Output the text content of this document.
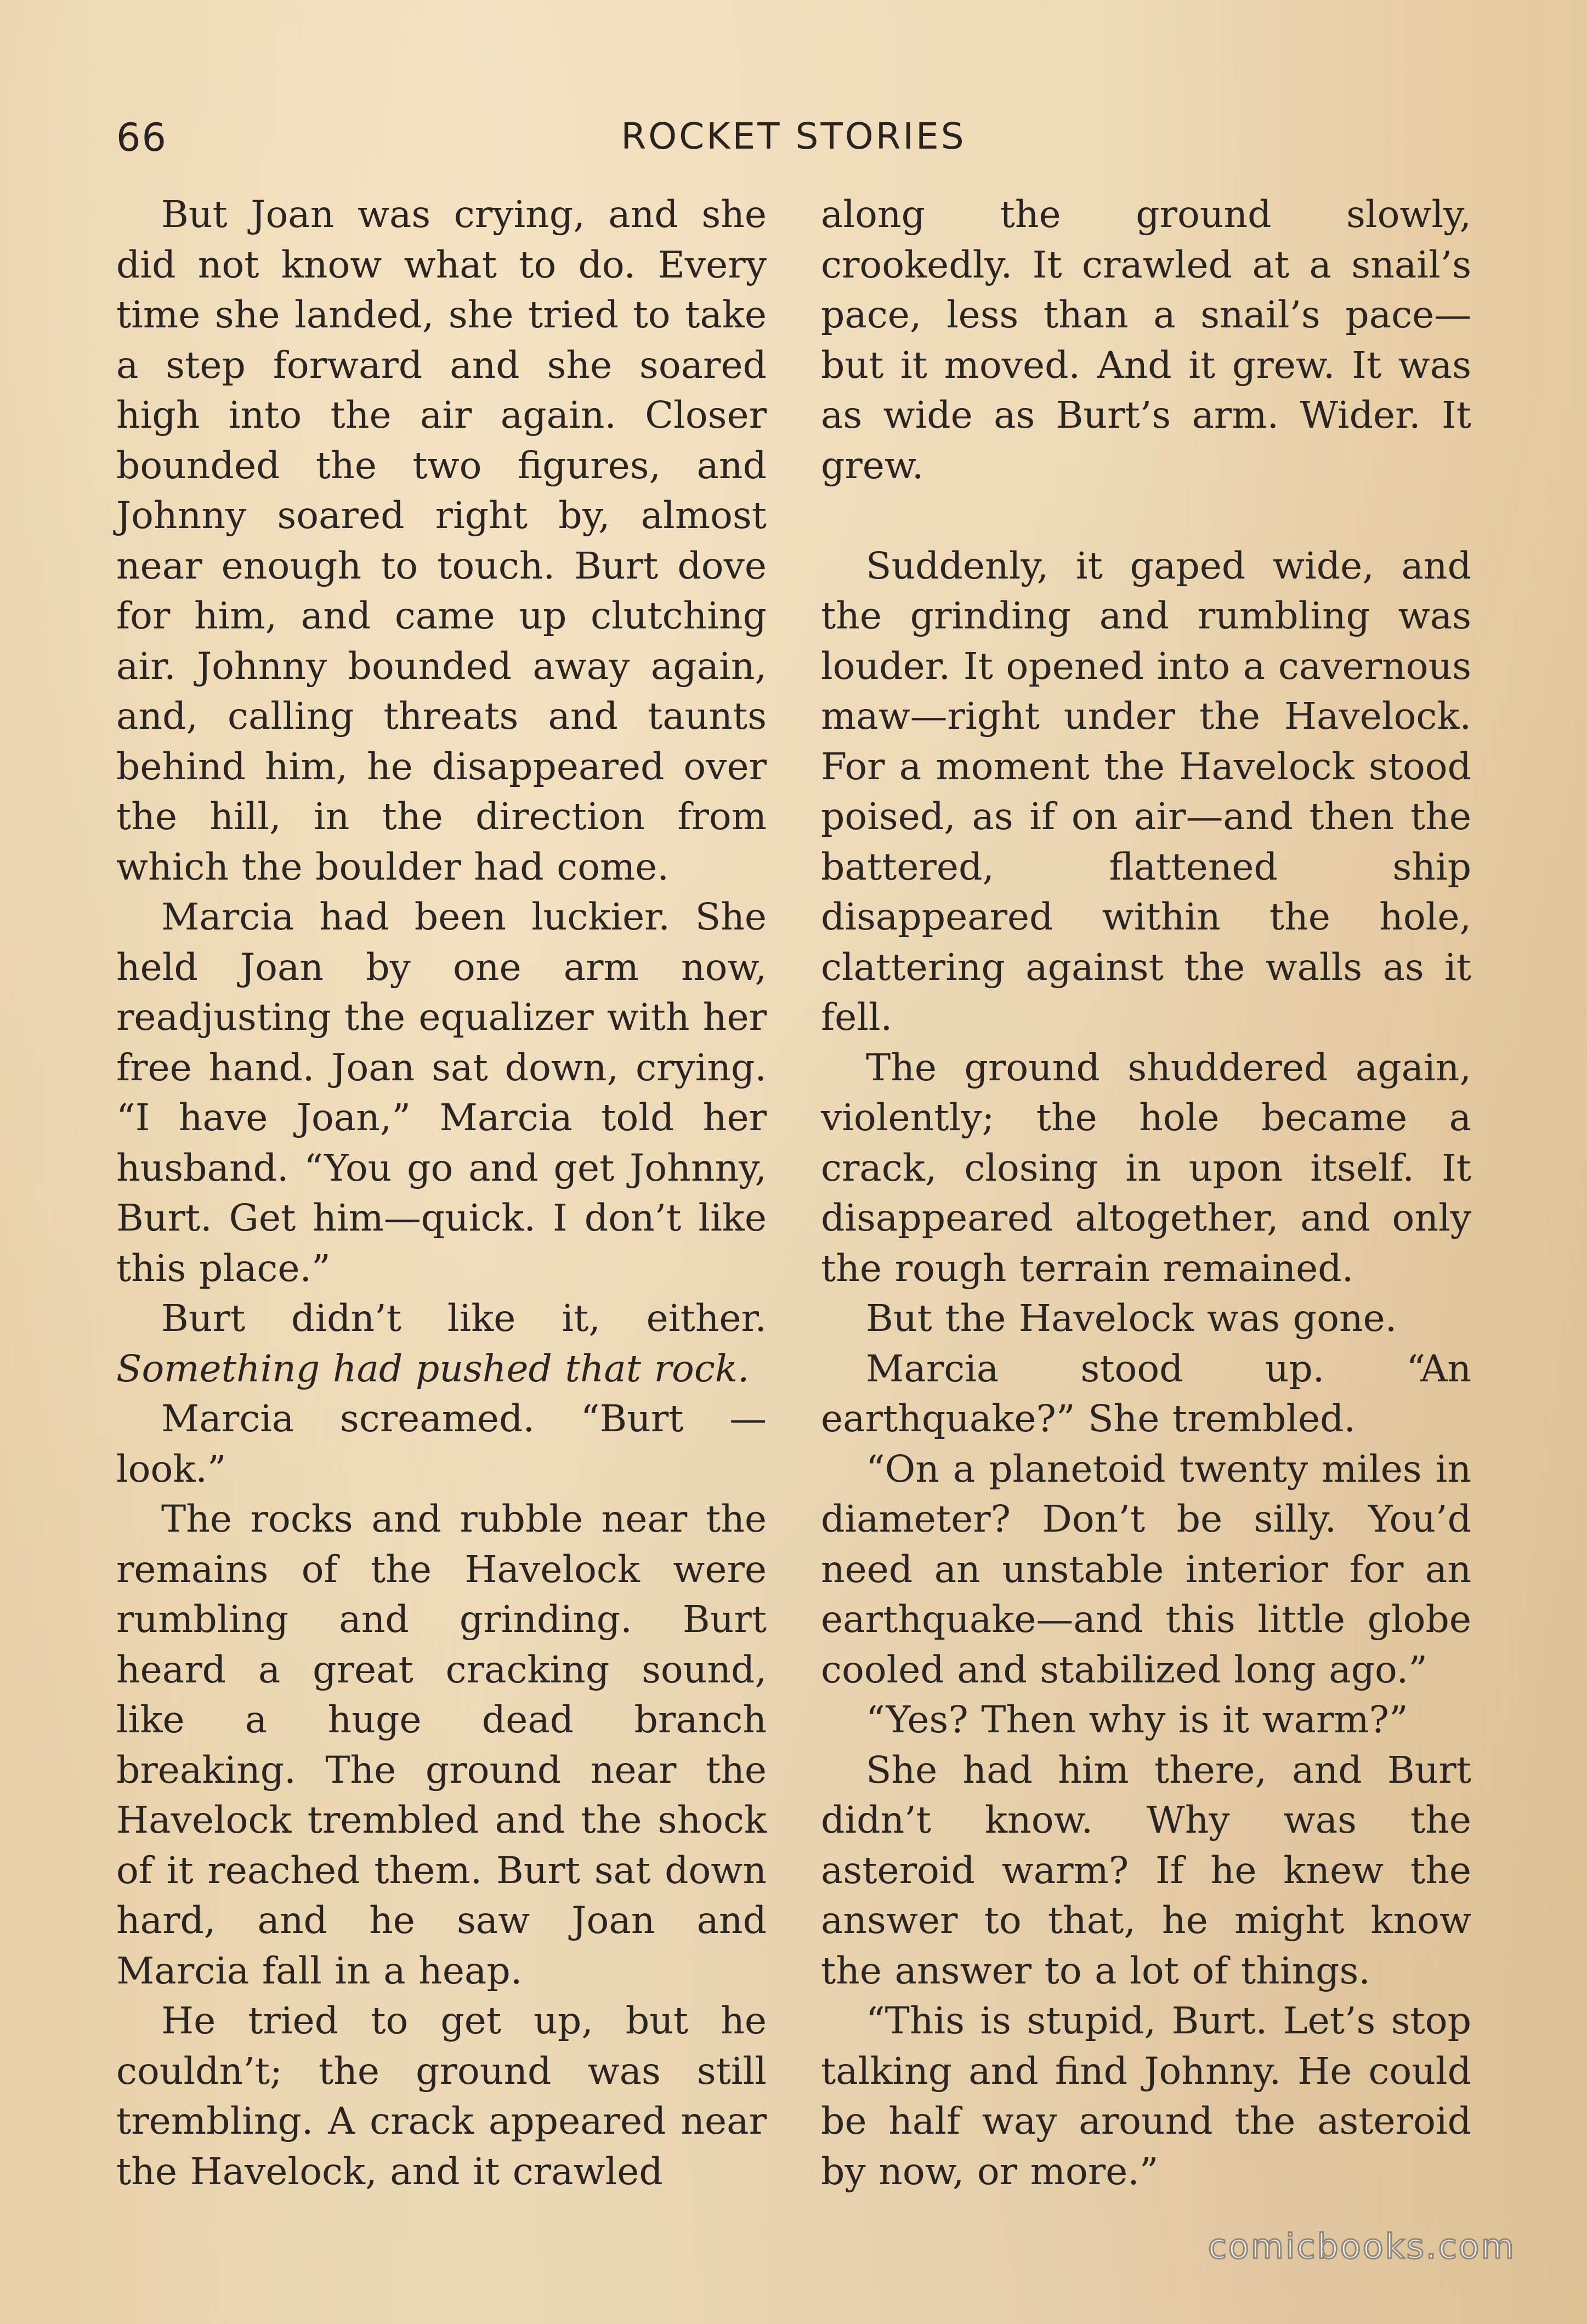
66	ROCKET STORIES

But Joan was crying, and she did not know what to do. Every time she landed, she tried to take a step forward and she soared high into the air again. Closer bounded the two figures, and Johnny soared right by, almost near enough to touch. Burt dove for him, and came up clutching air. Johnny bounded away again, and, calling threats and taunts behind him, he disappeared over the hill, in the direction from which the boulder had come.

Marcia had been luckier. She held Joan by one arm now, readjusting the equalizer with her free hand. Joan sat down, crying. “I have Joan,” Marcia told her husband. “You go and get Johnny, Burt. Get him—quick. I don’t like this place.”

Burt didn’t like it, either. Something had pushed that rock.

Marcia screamed. “Burt — look.”

The rocks and rubble near the remains of the Havelock were rumbling and grinding. Burt heard a great cracking sound, like a huge dead branch breaking. The ground near the Havelock trembled and the shock of it reached them. Burt sat down hard, and he saw Joan and Marcia fall in a heap.

He tried to get up, but he couldn’t; the ground was still trembling. A crack appeared near the Havelock, and it crawled

along the ground slowly, crookedly. It crawled at a snail’s pace, less than a snail’s pace—but it moved. And it grew. It was as wide as Burt’s arm. Wider. It grew.

Suddenly, it gaped wide, and the grinding and rumbling was louder. It opened into a cavernous maw—right under the Havelock. For a moment the Havelock stood poised, as if on air—and then the battered, flattened ship disappeared within the hole, clattering against the walls as it fell.

The ground shuddered again, violently; the hole became a crack, closing in upon itself. It disappeared altogether, and only the rough terrain remained.

But the Havelock was gone.

Marcia stood up. “An earthquake?” She trembled.

“On a planetoid twenty miles in diameter? Don’t be silly. You’d need an unstable interior for an earthquake—and this little globe cooled and stabilized long ago.”

“Yes? Then why is it warm?”

She had him there, and Burt didn’t know. Why was the asteroid warm? If he knew the answer to that, he might know the answer to a lot of things.

“This is stupid, Burt. Let’s stop talking and find Johnny. He could be half way around the asteroid by now, or more.”

comicbooks.com
